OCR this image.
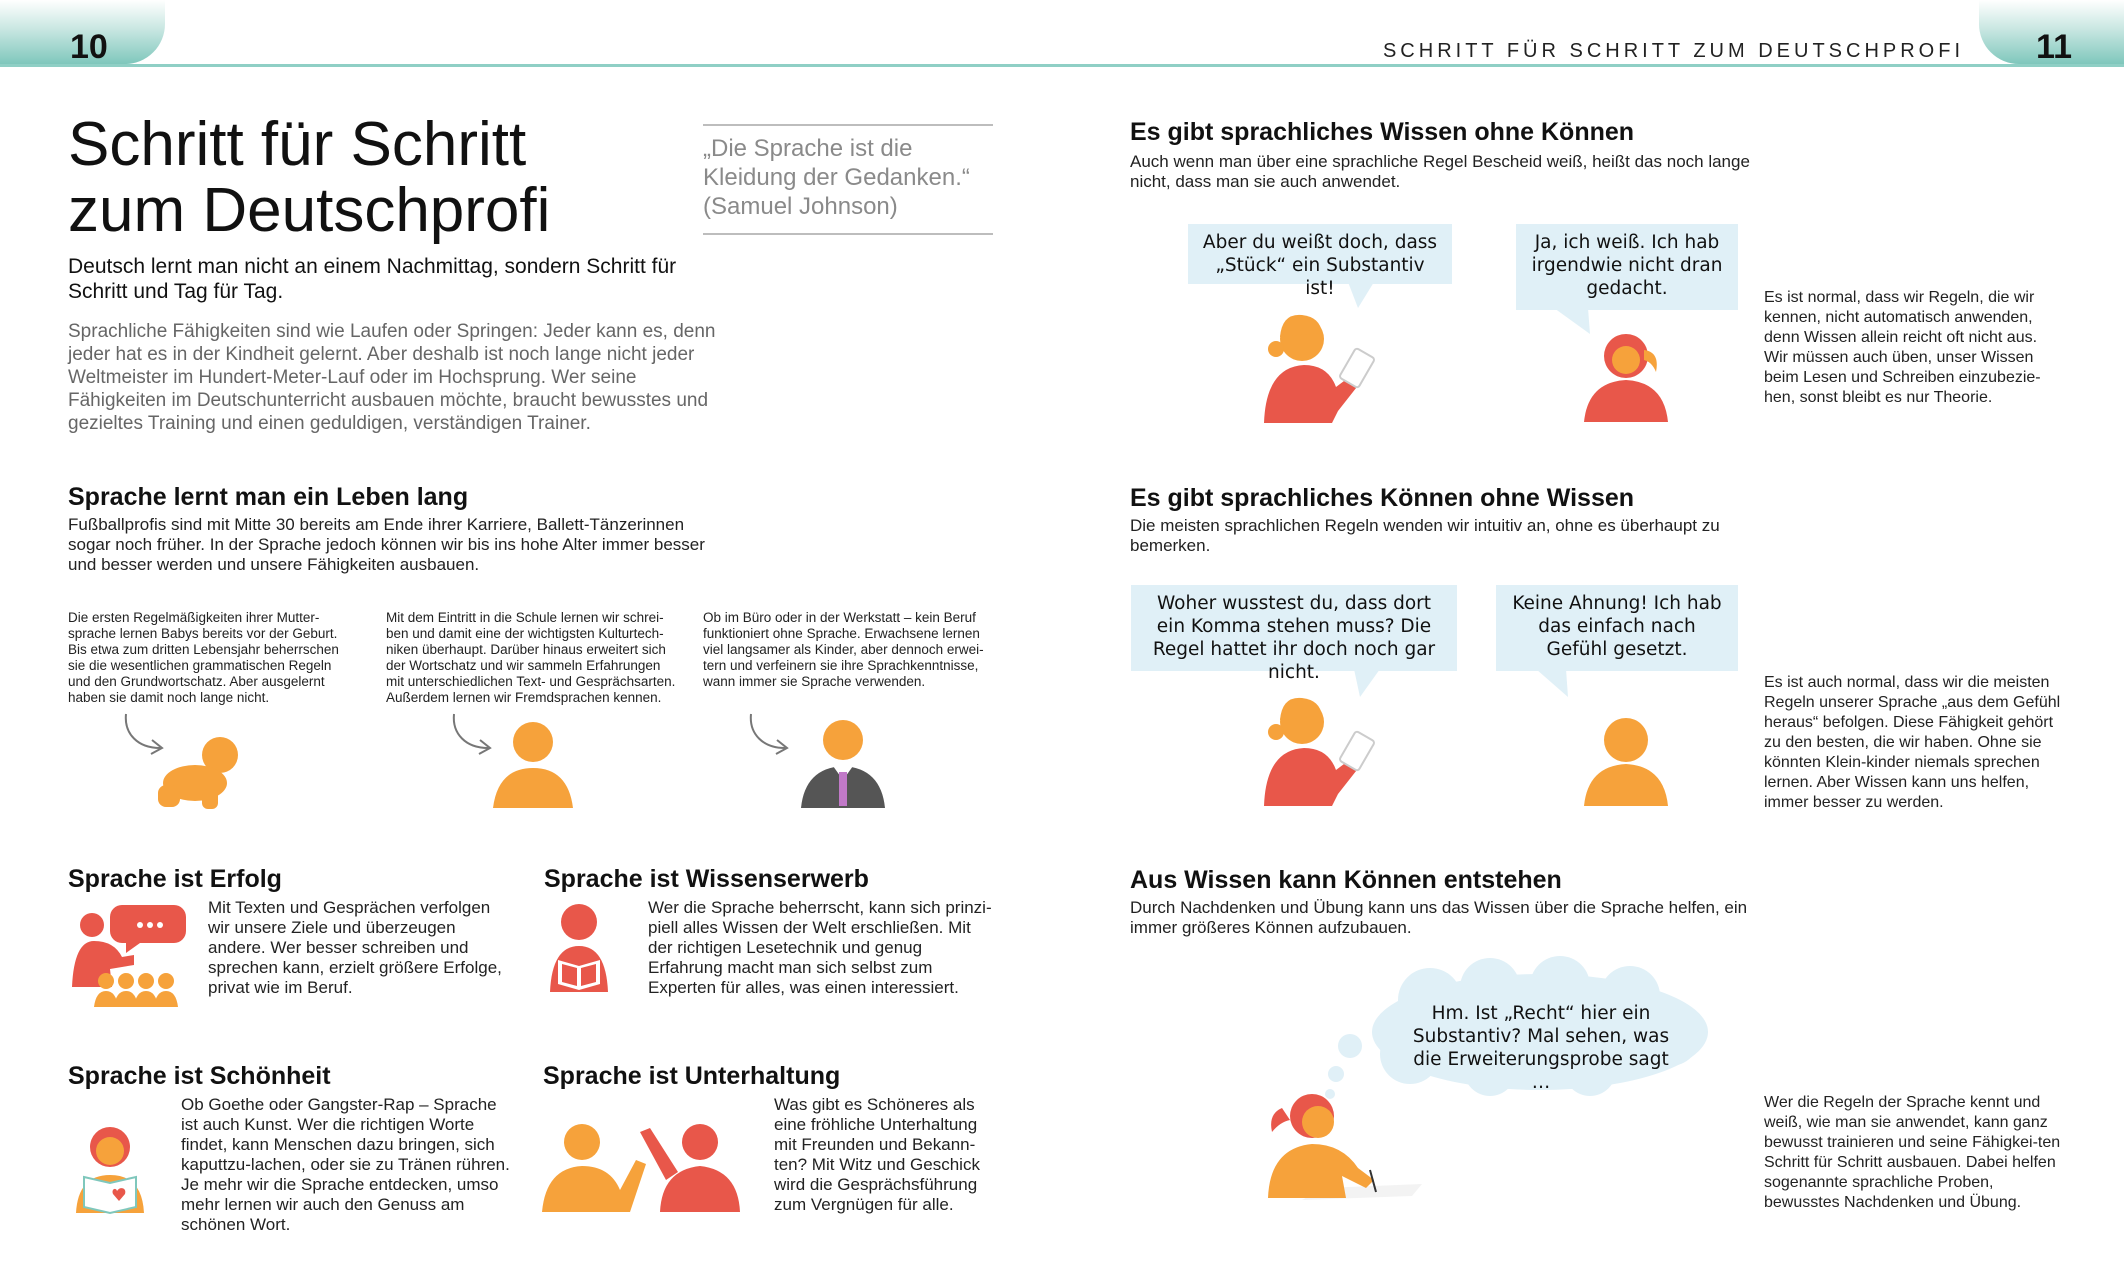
10	11
SCHRITT FÜR SCHRITT ZUM DEUTSCHPROFI
Schritt für Schritt
zum Deutschprofi
„Die Sprache ist die
Kleidung der Gedanken.“
(Samuel Johnson)
Deutsch lernt man nicht an einem Nachmittag, sondern Schritt für Schritt und Tag für Tag.
Sprachliche Fähigkeiten sind wie Laufen oder Springen: Jeder kann es, denn jeder hat es in der Kindheit gelernt. Aber deshalb ist noch lange nicht jeder Weltmeister im Hundert-Meter-Lauf oder im Hochsprung. Wer seine Fähigkeiten im Deutschunterricht ausbauen möchte, braucht bewusstes und gezieltes Training und einen geduldigen, verständigen Trainer.
Sprache lernt man ein Leben lang
Fußballprofis sind mit Mitte 30 bereits am Ende ihrer Karriere, Ballett-Tänzerinnen sogar noch früher. In der Sprache jedoch können wir bis ins hohe Alter immer besser und besser werden und unsere Fähigkeiten ausbauen.
Die ersten Regelmäßigkeiten ihrer Mutter-sprache lernen Babys bereits vor der Geburt. Bis etwa zum dritten Lebensjahr beherrschen sie die wesentlichen grammatischen Regeln und den Grundwortschatz. Aber ausgelernt haben sie damit noch lange nicht.
Mit dem Eintritt in die Schule lernen wir schrei-ben und damit eine der wichtigsten Kulturtech-niken überhaupt. Darüber hinaus erweitert sich der Wortschatz und wir sammeln Erfahrungen mit unterschiedlichen Text- und Gesprächsarten. Außerdem lernen wir Fremdsprachen kennen.
Ob im Büro oder in der Werkstatt – kein Beruf funktioniert ohne Sprache. Erwachsene lernen viel langsamer als Kinder, aber dennoch erwei-tern und verfeinern sie ihre Sprachkenntnisse, wann immer sie Sprache verwenden.
Sprache ist Erfolg
Mit Texten und Gesprächen verfolgen wir unsere Ziele und überzeugen andere. Wer besser schreiben und sprechen kann, erzielt größere Erfolge, privat wie im Beruf.
Sprache ist Wissenserwerb
Wer die Sprache beherrscht, kann sich prinzi-piell alles Wissen der Welt erschließen. Mit der richtigen Lesetechnik und genug Erfahrung macht man sich selbst zum Experten für alles, was einen interessiert.
Sprache ist Schönheit
Ob Goethe oder Gangster-Rap – Sprache ist auch Kunst. Wer die richtigen Worte findet, kann Menschen dazu bringen, sich kaputtzu-lachen, oder sie zu Tränen rühren. Je mehr wir die Sprache entdecken, umso mehr lernen wir auch den Genuss am schönen Wort.
Sprache ist Unterhaltung
Was gibt es Schöneres als eine fröhliche Unterhaltung mit Freunden und Bekann-ten? Mit Witz und Geschick wird die Gesprächsführung zum Vergnügen für alle.
Es gibt sprachliches Wissen ohne Können
Auch wenn man über eine sprachliche Regel Bescheid weiß, heißt das noch lange nicht, dass man sie auch anwendet.
Aber du weißt doch, dass „Stück“ ein Substantiv ist!
Ja, ich weiß. Ich hab irgendwie nicht dran gedacht.	Es ist normal, dass wir Regeln, die wir kennen, nicht automatisch anwenden, denn Wissen allein reicht oft nicht aus. Wir müssen auch üben, unser Wissen beim Lesen und Schreiben einzubezie-hen, sonst bleibt es nur Theorie.
Es gibt sprachliches Können ohne Wissen
Die meisten sprachlichen Regeln wenden wir intuitiv an, ohne es überhaupt zu bemerken.
Woher wusstest du, dass dort ein Komma stehen muss? Die Regel hattet ihr doch noch gar nicht.
Keine Ahnung! Ich hab das einfach nach Gefühl gesetzt.
Es ist auch normal, dass wir die meisten Regeln unserer Sprache „aus dem Gefühl heraus“ befolgen. Diese Fähigkeit gehört zu den besten, die wir haben. Ohne sie könnten Klein-kinder niemals sprechen lernen. Aber Wissen kann uns helfen, immer besser zu werden.
Aus Wissen kann Können entstehen
Durch Nachdenken und Übung kann uns das Wissen über die Sprache helfen, ein immer größeres Können aufzubauen.
Hm. Ist „Recht“ hier ein Substantiv? Mal sehen, was die Erweiterungsprobe sagt …
Wer die Regeln der Sprache kennt und weiß, wie man sie anwendet, kann ganz bewusst trainieren und seine Fähigkei-ten Schritt für Schritt ausbauen. Dabei helfen sogenannte sprachliche Proben, bewusstes Nachdenken und Übung.
